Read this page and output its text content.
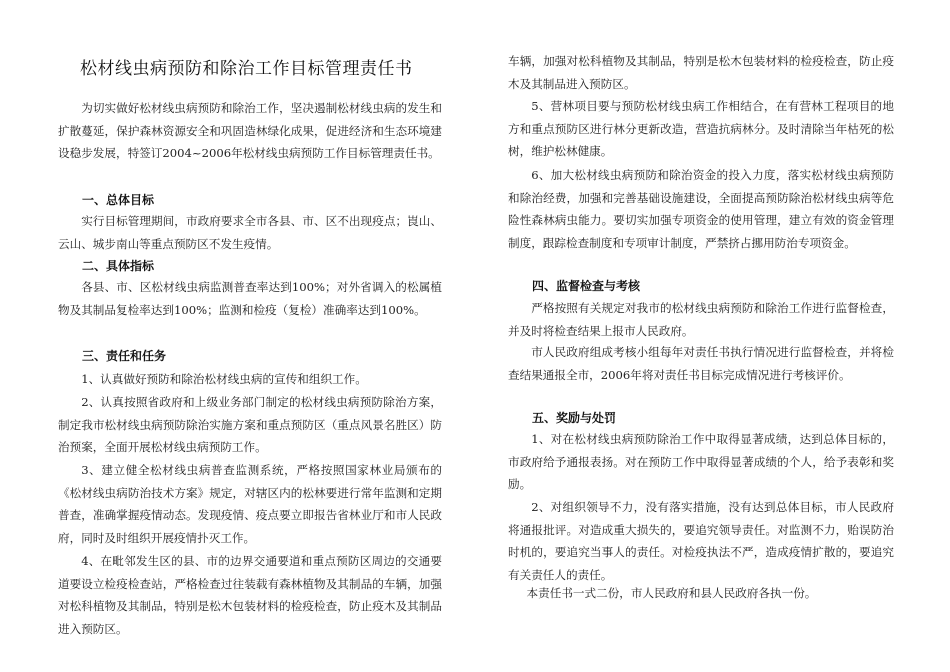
松材线虫病预防和除治工作目标管理责任书
为切实做好松材线虫病预防和除治工作，坚决遏制松材线虫病的发生和扩散蔓延，保护森林资源安全和巩固造林绿化成果，促进经济和生态环境建设稳步发展，特签订2004~2006年松材线虫病预防工作目标管理责任书。
一、总体目标
实行目标管理期间，市政府要求全市各县、市、区不出现疫点；崀山、云山、城步南山等重点预防区不发生疫情。
二、具体指标
各县、市、区松材线虫病监测普查率达到100%；对外省调入的松属植物及其制品复检率达到100%；监测和检疫（复检）准确率达到100%。
三、责任和任务
1、认真做好预防和除治松材线虫病的宣传和组织工作。
2、认真按照省政府和上级业务部门制定的松材线虫病预防除治方案，制定我市松材线虫病预防除治实施方案和重点预防区（重点风景名胜区）防治预案，全面开展松材线虫病预防工作。
3、建立健全松材线虫病普查监测系统，严格按照国家林业局颁布的《松材线虫病防治技术方案》规定，对辖区内的松林要进行常年监测和定期普查，准确掌握疫情动态。发现疫情、疫点要立即报告省林业厅和市人民政府，同时及时组织开展疫情扑灭工作。
4、在毗邻发生区的县、市的边界交通要道和重点预防区周边的交通要道要设立检疫检查站，严格检查过往装载有森林植物及其制品的车辆，加强对松科植物及其制品，特别是松木包装材料的检疫检查，防止疫木及其制品进入预防区。
车辆，加强对松科植物及其制品，特别是松木包装材料的检疫检查，防止疫木及其制品进入预防区。
5、营林项目要与预防松材线虫病工作相结合，在有营林工程项目的地方和重点预防区进行林分更新改造，营造抗病林分。及时清除当年枯死的松树，维护松林健康。
6、加大松材线虫病预防和除治资金的投入力度，落实松材线虫病预防和除治经费，加强和完善基础设施建设，全面提高预防除治松材线虫病等危险性森林病虫能力。要切实加强专项资金的使用管理，建立有效的资金管理制度，跟踪检查制度和专项审计制度，严禁挤占挪用防治专项资金。
四、监督检查与考核
严格按照有关规定对我市的松材线虫病预防和除治工作进行监督检查，并及时将检查结果上报市人民政府。
市人民政府组成考核小组每年对责任书执行情况进行监督检查，并将检查结果通报全市，2006年将对责任书目标完成情况进行考核评价。
五、奖励与处罚
1、对在松材线虫病预防除治工作中取得显著成绩，达到总体目标的，市政府给予通报表扬。对在预防工作中取得显著成绩的个人，给予表彰和奖励。
2、对组织领导不力，没有落实措施，没有达到总体目标，市人民政府将通报批评。对造成重大损失的，要追究领导责任。对监测不力，贻误防治时机的，要追究当事人的责任。对检疫执法不严，造成疫情扩散的，要追究有关责任人的责任。
本责任书一式二份，市人民政府和县人民政府各执一份。
